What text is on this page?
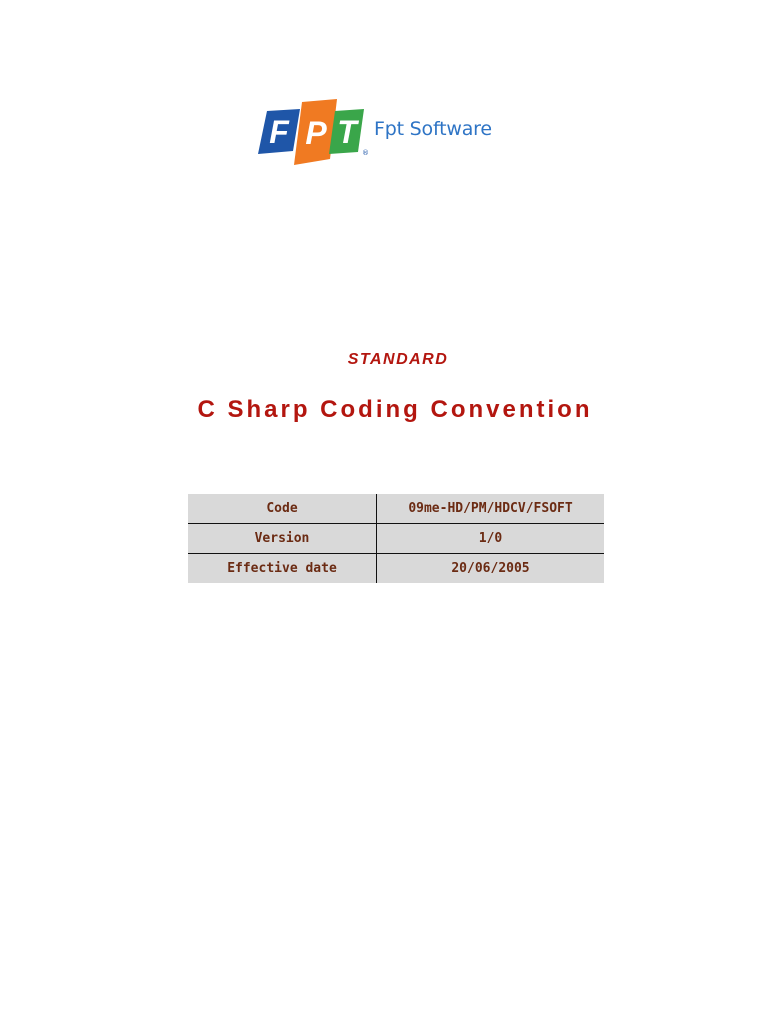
F P T
®
Fpt Software
STANDARD
C Sharp Coding Convention
Code	09me-HD/PM/HDCV/FSOFT
Version	1/0
Effective date	20/06/2005
